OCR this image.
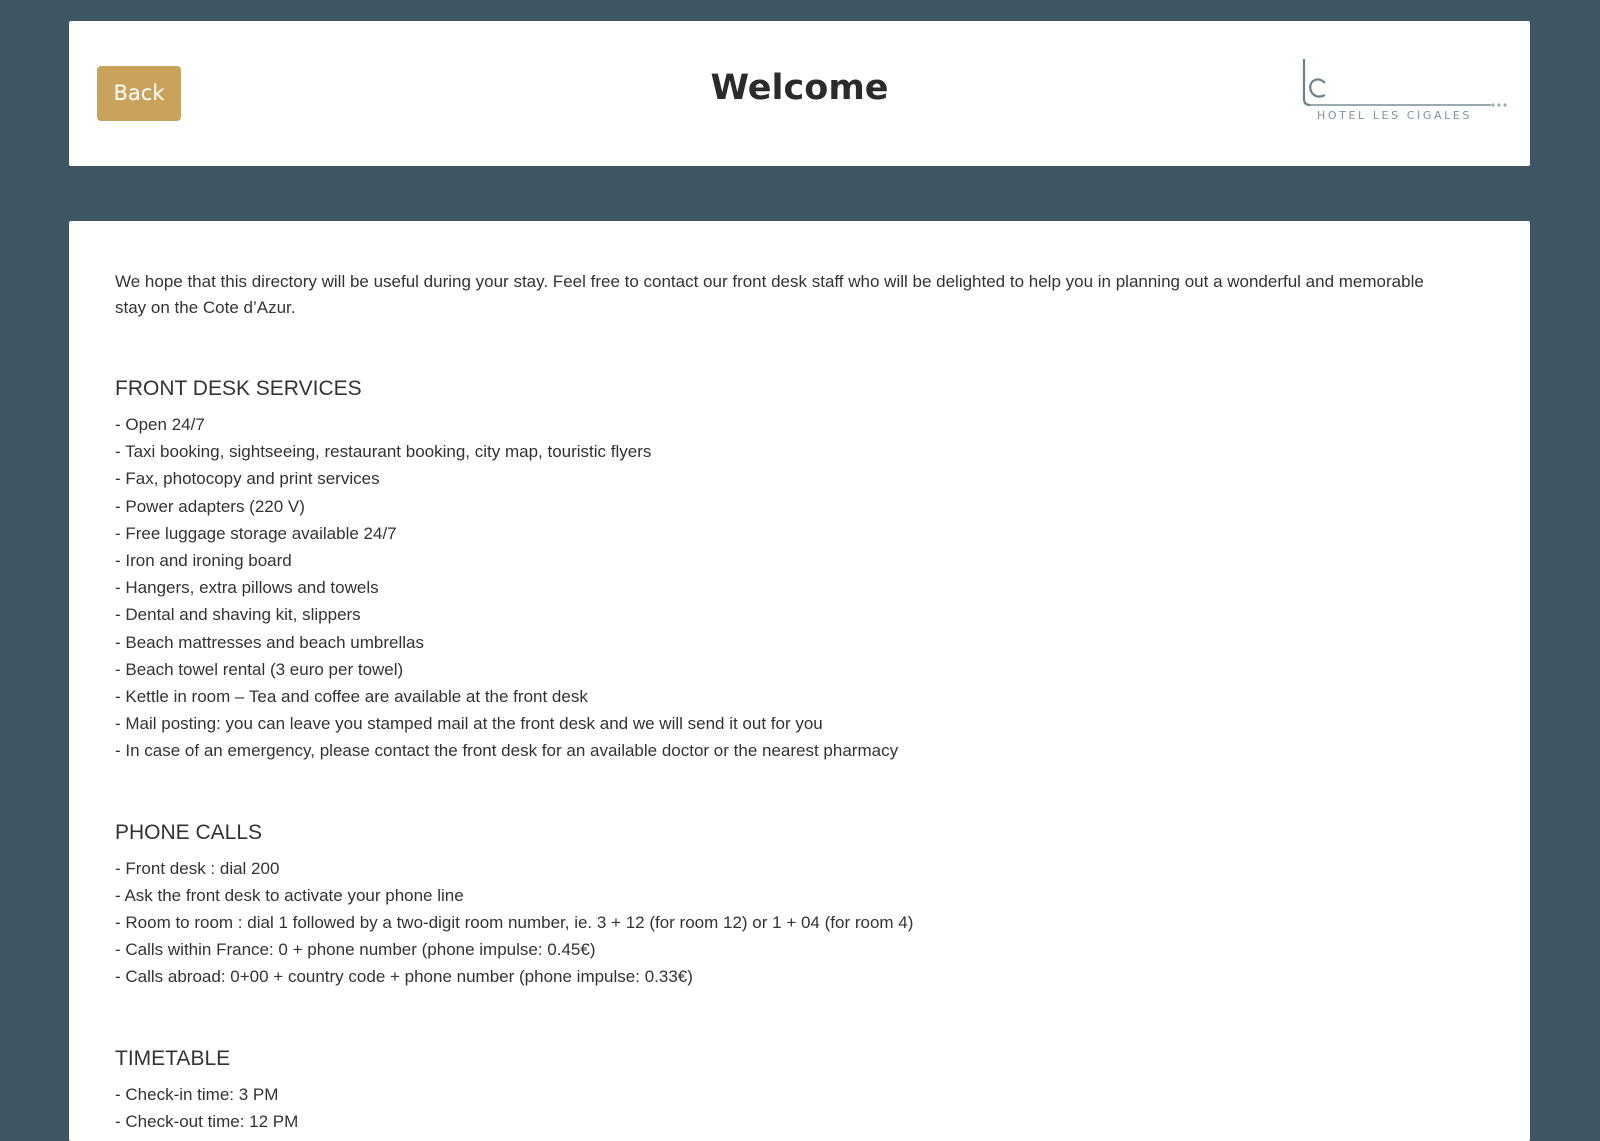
Back	Welcome
HOTEL LES CIGALES

We hope that this directory will be useful during your stay. Feel free to contact our front desk staff who will be delighted to help you in planning out a wonderful and memorable stay on the Cote d’Azur.

FRONT DESK SERVICES
- Open 24/7
- Taxi booking, sightseeing, restaurant booking, city map, touristic flyers
- Fax, photocopy and print services
- Power adapters (220 V)
- Free luggage storage available 24/7
- Iron and ironing board
- Hangers, extra pillows and towels
- Dental and shaving kit, slippers
- Beach mattresses and beach umbrellas
- Beach towel rental (3 euro per towel)
- Kettle in room – Tea and coffee are available at the front desk
- Mail posting: you can leave you stamped mail at the front desk and we will send it out for you
- In case of an emergency, please contact the front desk for an available doctor or the nearest pharmacy
PHONE CALLS
- Front desk : dial 200
- Ask the front desk to activate your phone line
- Room to room : dial 1 followed by a two-digit room number, ie. 3 + 12 (for room 12) or 1 + 04 (for room 4)
- Calls within France: 0 + phone number (phone impulse: 0.45€)
- Calls abroad: 0+00 + country code + phone number (phone impulse: 0.33€)
TIMETABLE
- Check-in time: 3 PM
- Check-out time: 12 PM
